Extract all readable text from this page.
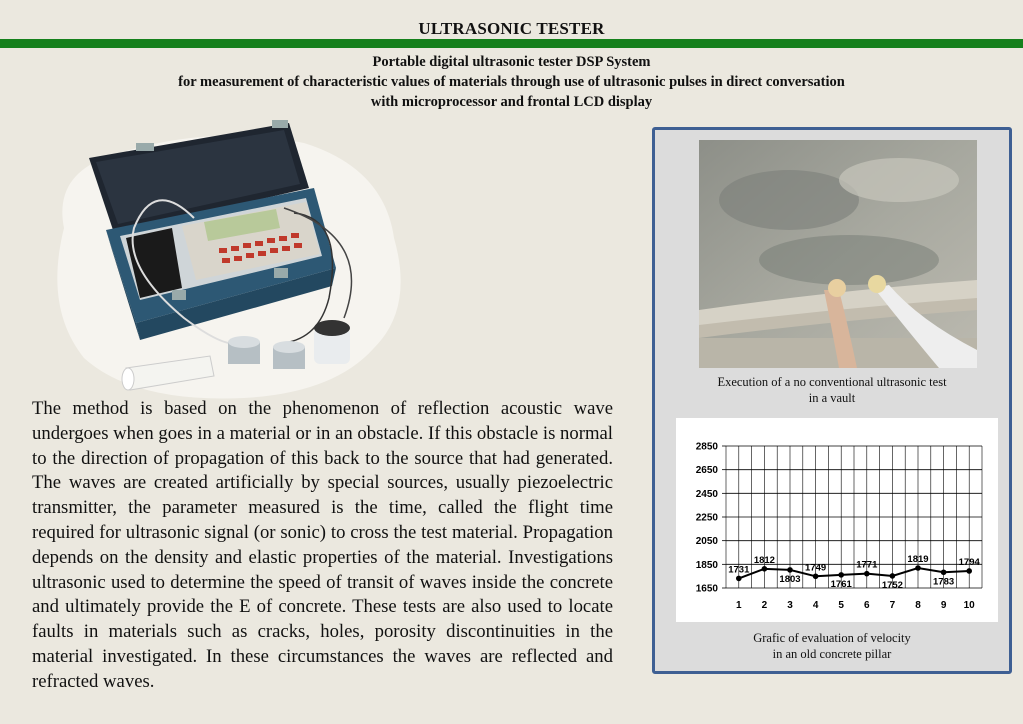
ULTRASONIC TESTER
Portable digital ultrasonic tester DSP System
for measurement of characteristic values of materials through use of ultrasonic pulses in direct conversation
with microprocessor and frontal LCD display
The method is based on the phenomenon of reflection acoustic wave undergoes when goes in a material or in an obstacle. If this obstacle is normal to the direction of propagation of this back to the source that had generated. The waves are created artificially by special sources, usually piezoelectric transmitter, the parameter measured is the time, called the flight time required for ultrasonic signal (or sonic) to cross the test material. Propagation depends on the density and elastic properties of the material. Investigations ultrasonic used to determine the speed of transit of waves inside the concrete and ultimately provide the E of concrete. These tests are also used to locate faults in materials such as cracks, holes, porosity discontinuities in the material investigated. In these circumstances the waves are reflected and refracted waves.
Execution of a no conventional ultrasonic test
in a vault
1650
1850
2050
2250
2450
2650
2850
1 2 3 4 5 6 7 8 9 10
1731
1812
1803
1749
1761
1771
1752
1819
1783
1794
Grafic of evaluation of velocity
in an old concrete pillar
